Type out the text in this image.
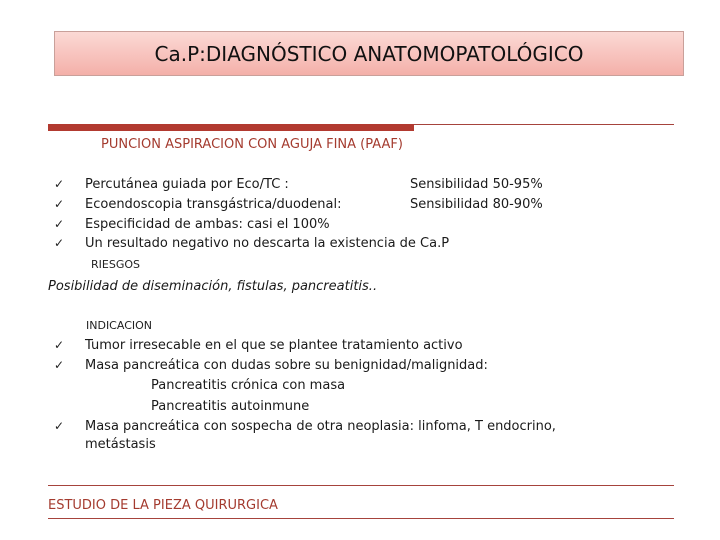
Ca.P:DIAGNÓSTICO ANATOMOPATOLÓGICO
PUNCION ASPIRACION CON AGUJA FINA (PAAF)
✓
✓
✓
✓
Percutánea guiada por Eco/TC :	Sensibilidad 50-95%
Ecoendoscopia transgástrica/duodenal:	Sensibilidad 80-90%
Especificidad de ambas: casi el 100%
Un resultado negativo no descarta la existencia de Ca.P
RIESGOS
Posibilidad de diseminación, fistulas, pancreatitis..
INDICACION
✓
✓
✓
Tumor irresecable en el que se plantee tratamiento activo
Masa pancreática con dudas sobre su benignidad/malignidad:
Pancreatitis crónica con masa
Pancreatitis autoinmune
Masa pancreática con sospecha de otra neoplasia: linfoma, T endocrino,
metástasis
ESTUDIO DE LA PIEZA QUIRURGICA
